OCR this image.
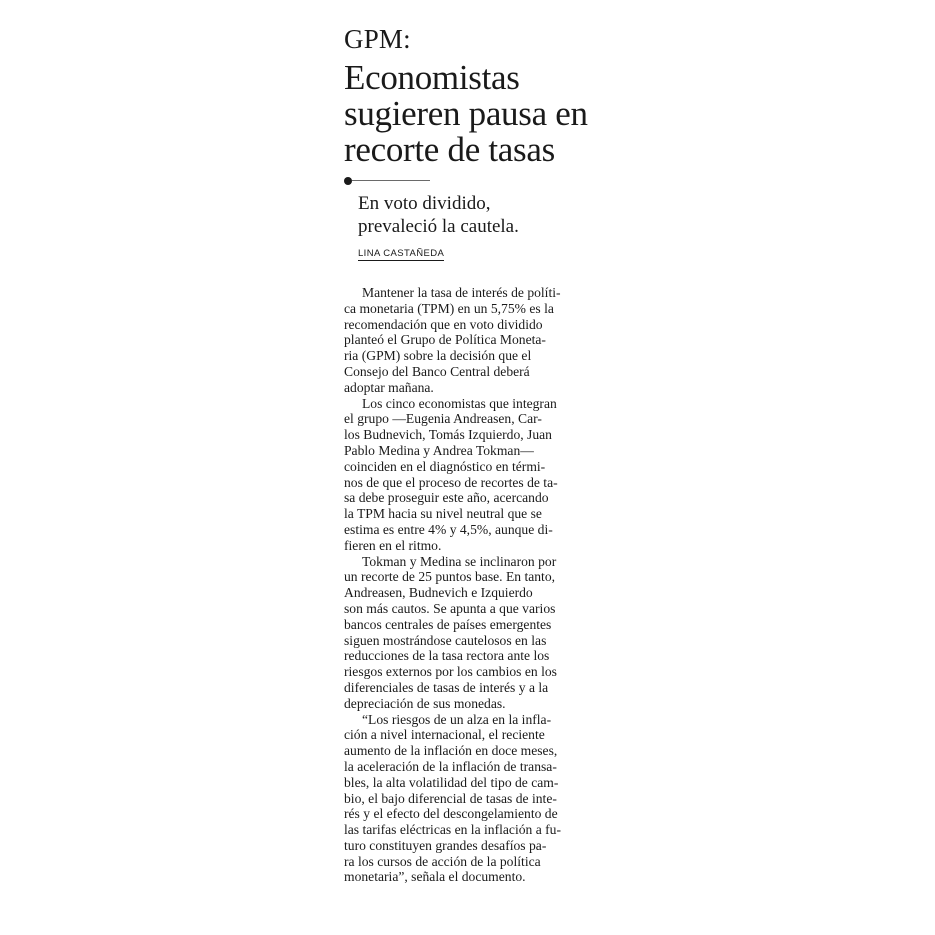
GPM:
Economistas
sugieren pausa en
recorte de tasas
En voto dividido,
prevaleció la cautela.
LINA CASTAÑEDA

Mantener la tasa de interés de políti-
ca monetaria (TPM) en un 5,75% es la
recomendación que en voto dividido
planteó el Grupo de Política Moneta-
ria (GPM) sobre la decisión que el
Consejo del Banco Central deberá
adoptar mañana.

Los cinco economistas que integran
el grupo —Eugenia Andreasen, Car-
los Budnevich, Tomás Izquierdo, Juan
Pablo Medina y Andrea Tokman—
coinciden en el diagnóstico en térmi-
nos de que el proceso de recortes de ta-
sa debe proseguir este año, acercando
la TPM hacia su nivel neutral que se
estima es entre 4% y 4,5%, aunque di-
fieren en el ritmo.

Tokman y Medina se inclinaron por
un recorte de 25 puntos base. En tanto,
Andreasen, Budnevich e Izquierdo
son más cautos. Se apunta a que varios
bancos centrales de países emergentes
siguen mostrándose cautelosos en las
reducciones de la tasa rectora ante los
riesgos externos por los cambios en los
diferenciales de tasas de interés y a la
depreciación de sus monedas.

“Los riesgos de un alza en la infla-
ción a nivel internacional, el reciente
aumento de la inflación en doce meses,
la aceleración de la inflación de transa-
bles, la alta volatilidad del tipo de cam-
bio, el bajo diferencial de tasas de inte-
rés y el efecto del descongelamiento de
las tarifas eléctricas en la inflación a fu-
turo constituyen grandes desafíos pa-
ra los cursos de acción de la política
monetaria”, señala el documento.
